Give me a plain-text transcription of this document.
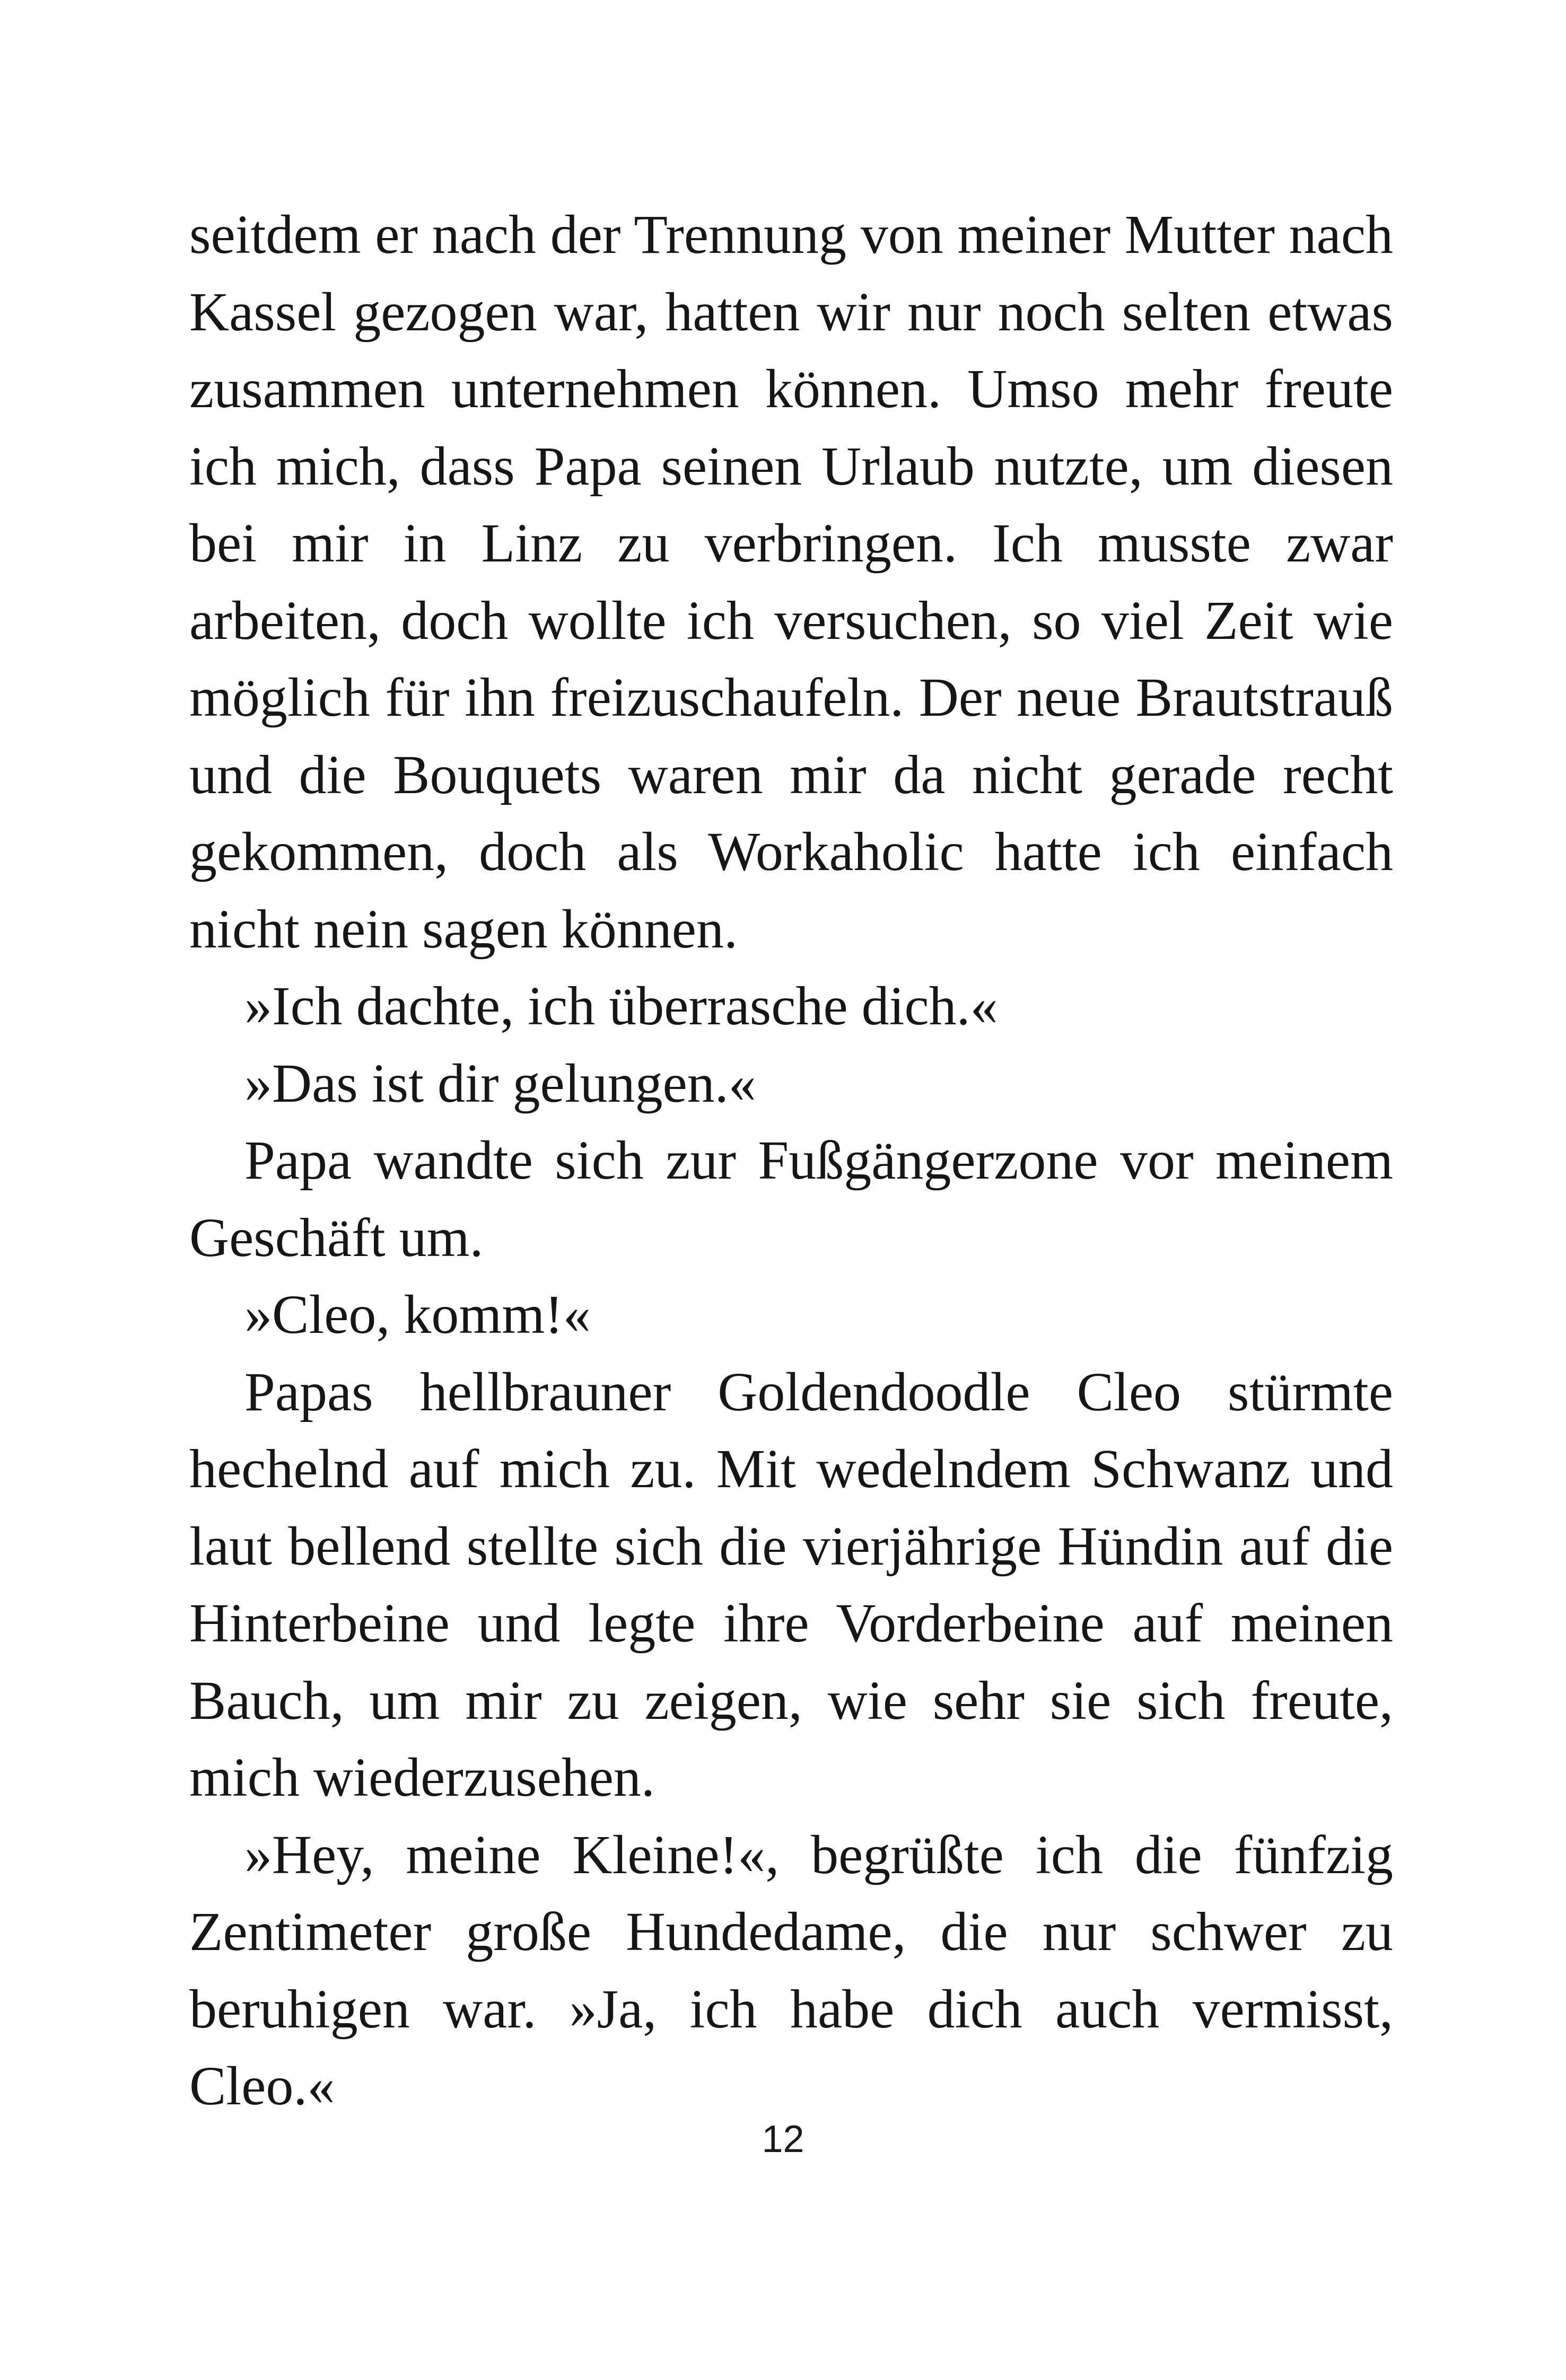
seitdem er nach der Trennung von meiner Mutter nach Kassel gezogen war, hatten wir nur noch selten etwas zusammen unternehmen können. Umso mehr freute ich mich, dass Papa seinen Urlaub nutzte, um diesen bei mir in Linz zu verbringen. Ich musste zwar arbeiten, doch wollte ich versuchen, so viel Zeit wie möglich für ihn freizuschaufeln. Der neue Brautstrauß und die Bouquets waren mir da nicht gerade recht gekommen, doch als Workaholic hatte ich einfach nicht nein sagen können.

»Ich dachte, ich überrasche dich.«

»Das ist dir gelungen.«

Papa wandte sich zur Fußgängerzone vor meinem Geschäft um.

»Cleo, komm!«

Papas hellbrauner Goldendoodle Cleo stürmte hechelnd auf mich zu. Mit wedelndem Schwanz und laut bellend stellte sich die vierjährige Hündin auf die Hinterbeine und legte ihre Vorderbeine auf meinen Bauch, um mir zu zeigen, wie sehr sie sich freute, mich wiederzusehen.

»Hey, meine Kleine!«, begrüßte ich die fünfzig Zentimeter große Hundedame, die nur schwer zu beruhigen war. »Ja, ich habe dich auch vermisst, Cleo.«

12
